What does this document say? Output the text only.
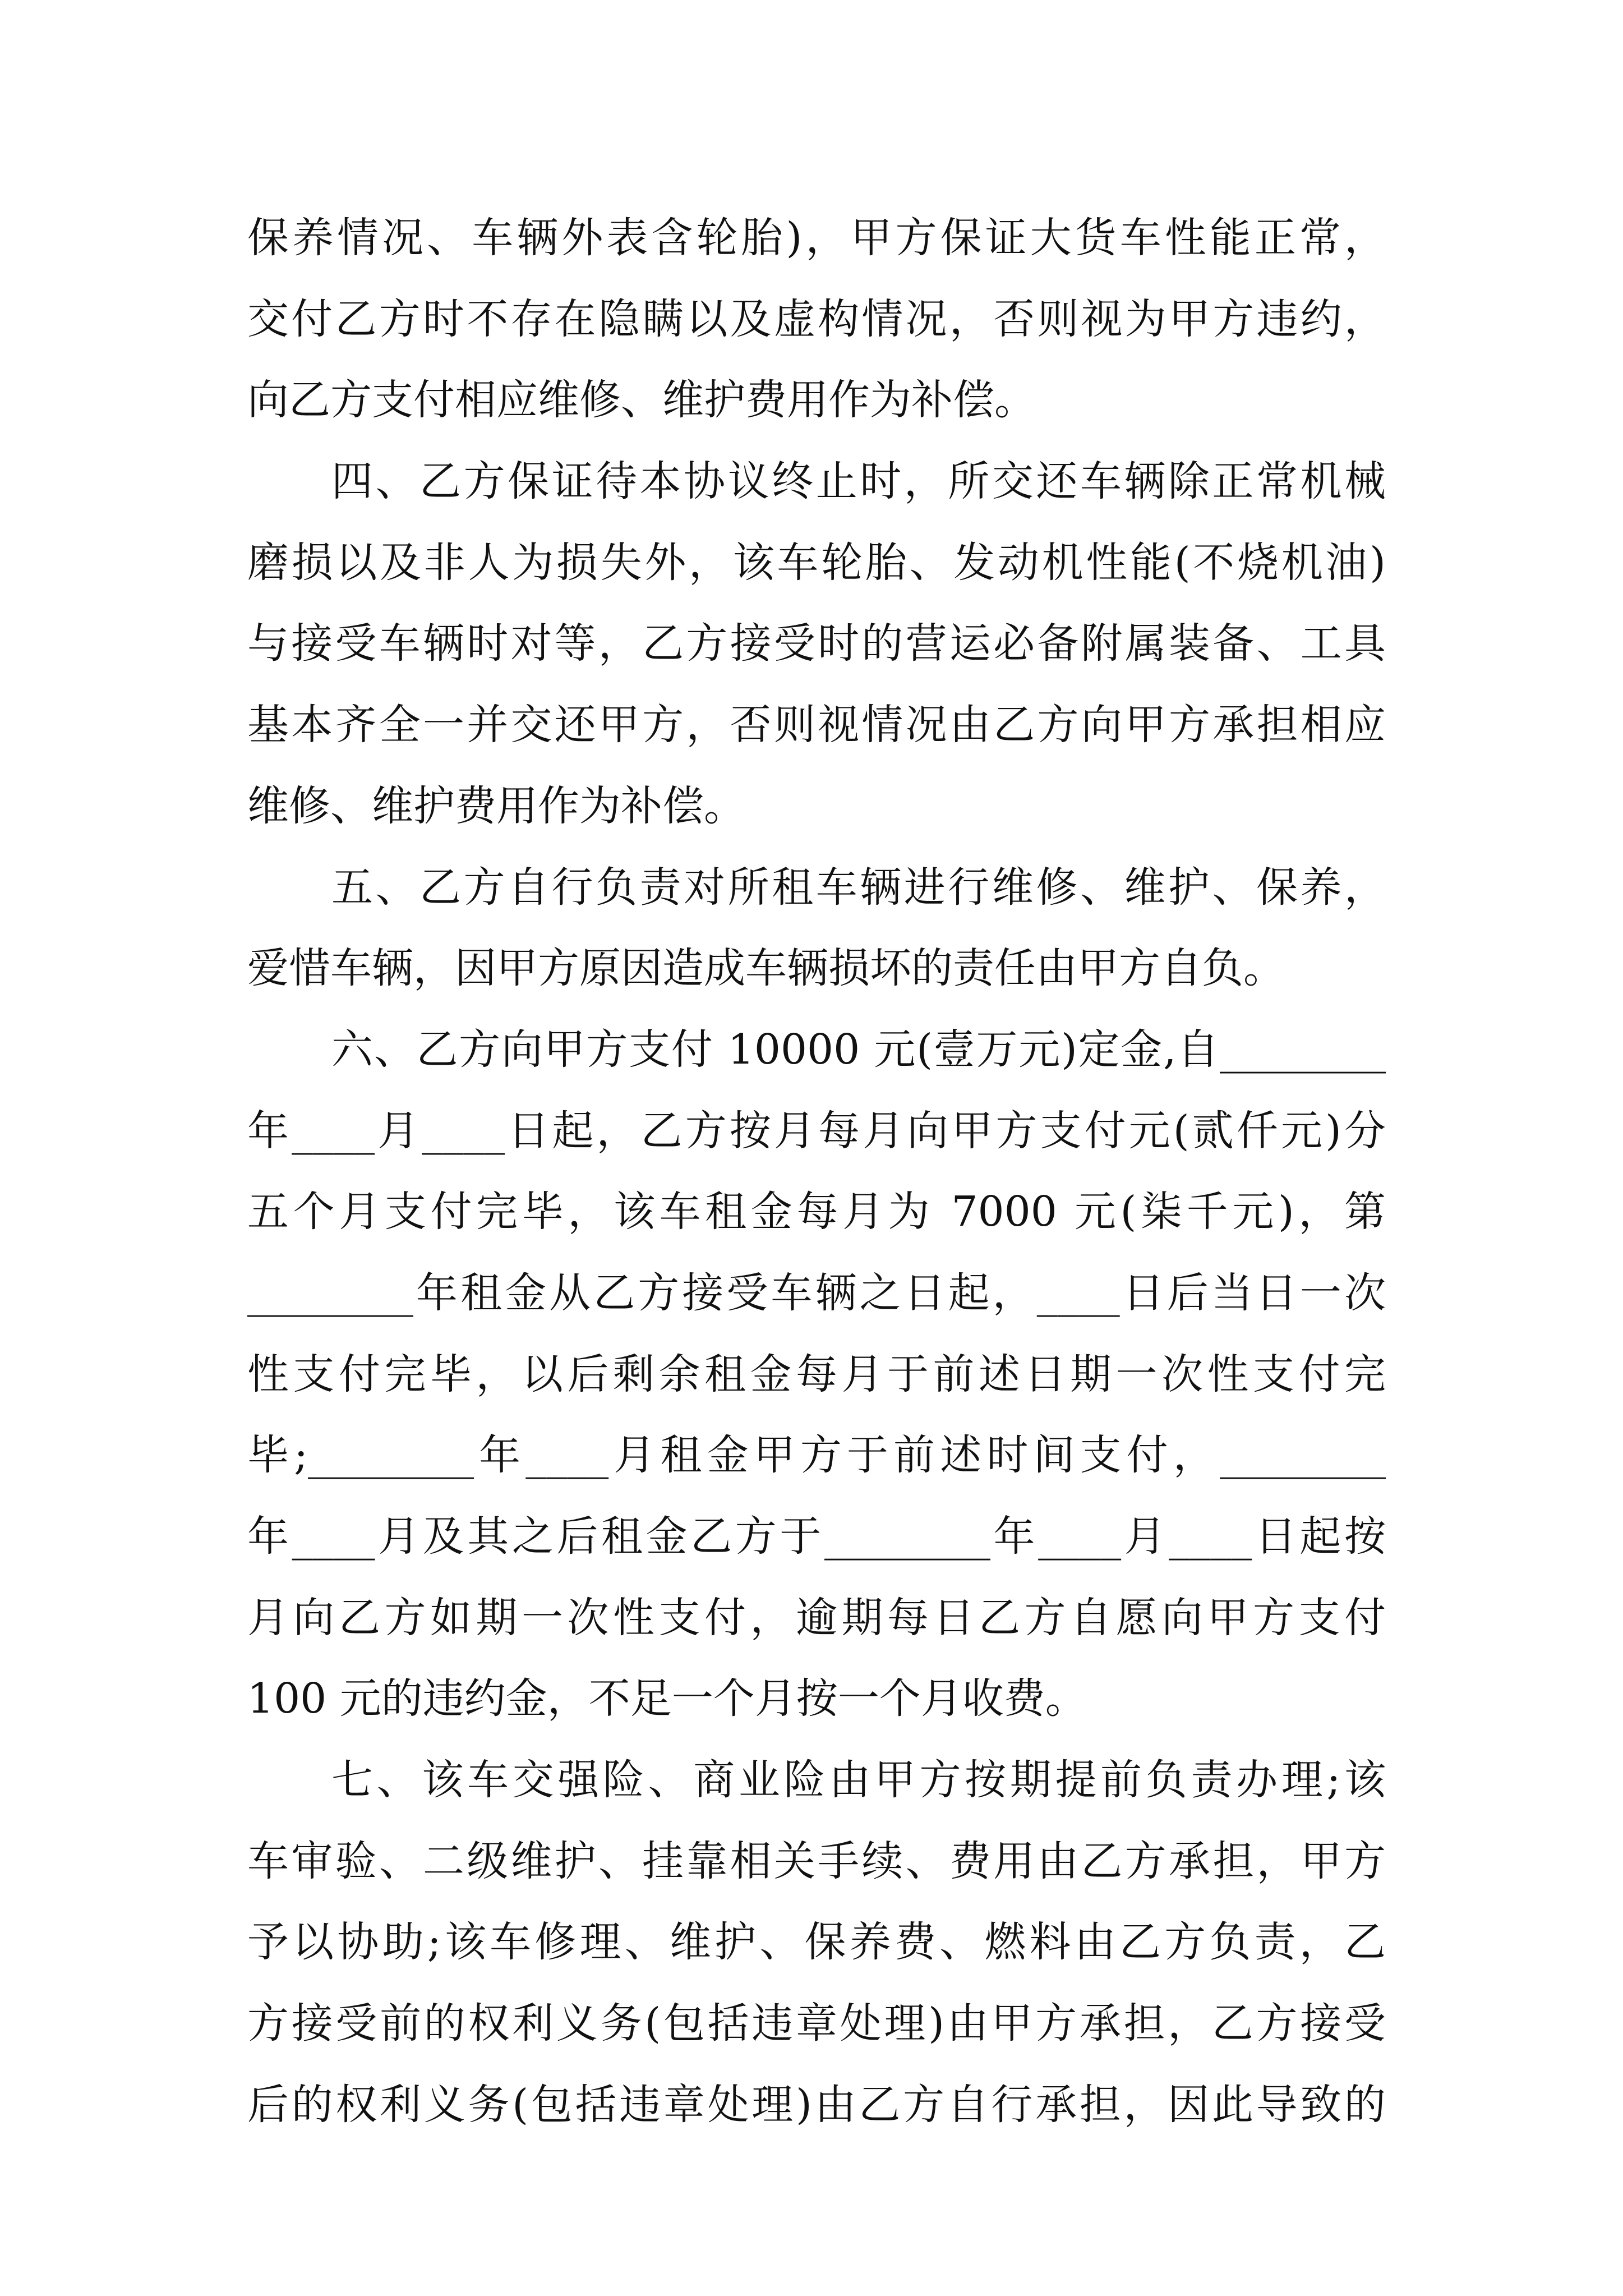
保养情况、车辆外表含轮胎)，甲方保证大货车性能正常，
交付乙方时不存在隐瞒以及虚构情况，否则视为甲方违约，
向乙方支付相应维修、维护费用作为补偿。
四、乙方保证待本协议终止时，所交还车辆除正常机械
磨损以及非人为损失外，该车轮胎、发动机性能(不烧机油)
与接受车辆时对等，乙方接受时的营运必备附属装备、工具
基本齐全一并交还甲方，否则视情况由乙方向甲方承担相应
维修、维护费用作为补偿。
五、乙方自行负责对所租车辆进行维修、维护、保养，
爱惜车辆，因甲方原因造成车辆损坏的责任由甲方自负。
六、乙方向甲方支付 10000 元(壹万元)定金,自________
年____月____日起，乙方按月每月向甲方支付元(贰仟元)分
五个月支付完毕，该车租金每月为 7000 元(柒千元)，第
________年租金从乙方接受车辆之日起，____日后当日一次
性支付完毕，以后剩余租金每月于前述日期一次性支付完
毕;________年____月租金甲方于前述时间支付，________
年____月及其之后租金乙方于________年____月____日起按
月向乙方如期一次性支付，逾期每日乙方自愿向甲方支付
100 元的违约金，不足一个月按一个月收费。
七、该车交强险、商业险由甲方按期提前负责办理;该
车审验、二级维护、挂靠相关手续、费用由乙方承担，甲方
予以协助;该车修理、维护、保养费、燃料由乙方负责，乙
方接受前的权利义务(包括违章处理)由甲方承担，乙方接受
后的权利义务(包括违章处理)由乙方自行承担，因此导致的
